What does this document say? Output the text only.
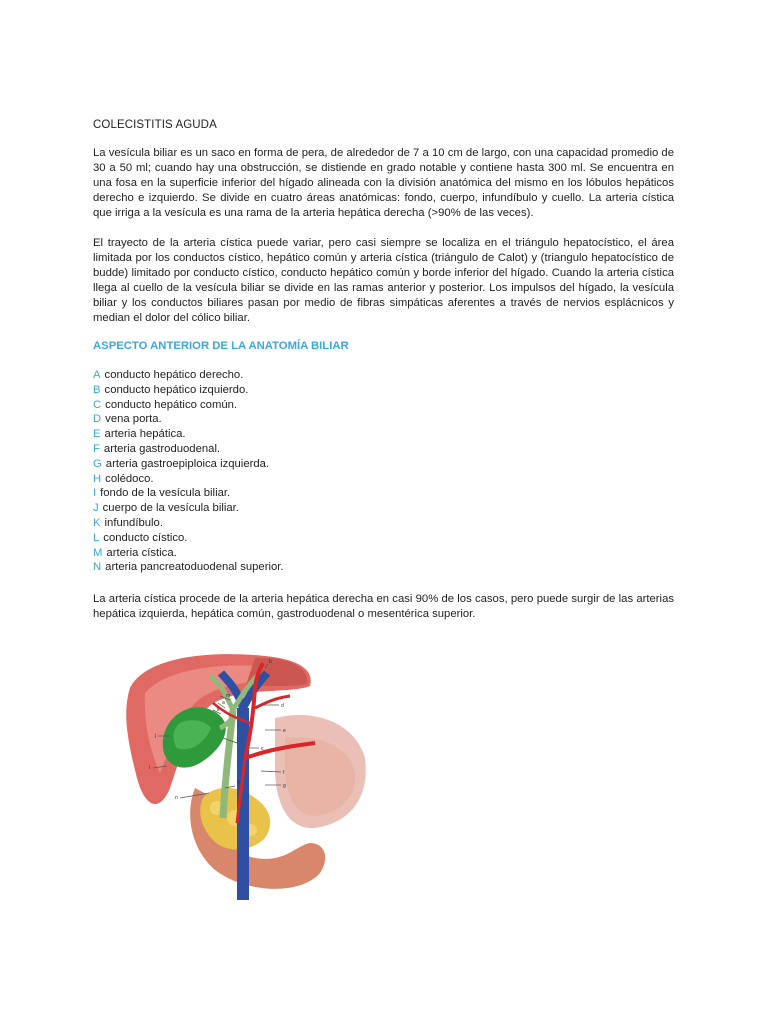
COLECISTITIS AGUDA

La vesícula biliar es un saco en forma de pera, de alrededor de 7 a 10 cm de largo, con una capacidad promedio de 30 a 50 ml; cuando hay una obstrucción, se distiende en grado notable y contiene hasta 300 ml. Se encuentra en una fosa en la superficie inferior del hígado alineada con la división anatómica del mismo en los lóbulos hepáticos derecho e izquierdo. Se divide en cuatro áreas anatómicas: fondo, cuerpo, infundíbulo y cuello. La arteria cística que irriga a la vesícula es una rama de la arteria hepática derecha (>90% de las veces).

El trayecto de la arteria cística puede variar, pero casi siempre se localiza en el triángulo hepatocístico, el área limitada por los conductos cístico, hepático común y arteria cística (triángulo de Calot) y (triangulo hepatocístico de budde) limitado por conducto cístico, conducto hepático común y borde inferior del hígado. Cuando la arteria cística llega al cuello de la vesícula biliar se divide en las ramas anterior y posterior. Los impulsos del hígado, la vesícula biliar y los conductos biliares pasan por medio de fibras simpáticas aferentes a través de nervios esplácnicos y median el dolor del cólico biliar.

ASPECTO ANTERIOR DE LA ANATOMÍA BILIAR
A conducto hepático derecho.
B conducto hepático izquierdo.
C conducto hepático común.
D vena porta.
E arteria hepática.
F arteria gastroduodenal.
G arteria gastroepiploica izquierda.
H colédoco.
I fondo de la vesícula biliar.
J cuerpo de la vesícula biliar.
K infundíbulo.
L conducto cístico.
M arteria cística.
N arteria pancreatoduodenal superior.

La arteria cística procede de la arteria hepática derecha en casi 90% de los casos, pero puede surgir de las arterias hepática izquierda, hepática común, gastroduodenal o mesentérica superior.

b
m
a
k
d
e
j
l
c
i
f
g
h
n
